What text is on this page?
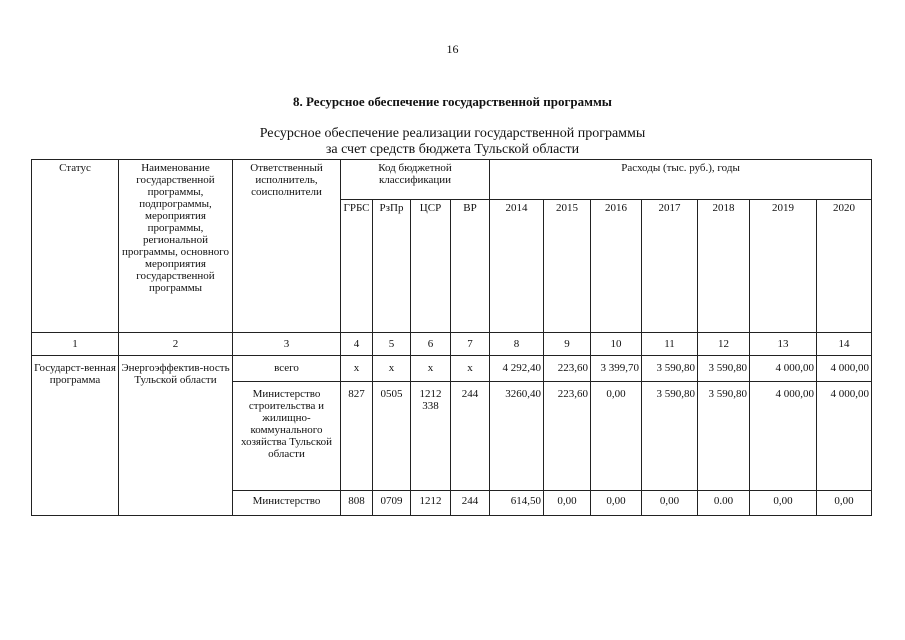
16
8. Ресурсное обеспечение государственной программы
Ресурсное обеспечение реализации государственной программы
за счет средств бюджета Тульской области
Статус	Наименование государственной программы, подпрограммы, мероприятия программы, региональной программы, основного мероприятия государственной программы	Ответственный исполнитель, соисполнители	Код бюджетной классификации				Расходы (тыс. руб.), годы						
			ГРБС	РзПр	ЦСР	ВР	2014	2015	2016	2017	2018	2019	2020
1	2	3	4	5	6	7	8	9	10	11	12	13	14
Государст-венная программа	Энергоэффектив-ность Тульской области	всего	х	х	х	х	4 292,40	223,60	3 399,70	3 590,80	3 590,80	4 000,00	4 000,00
		Министерство строительства и жилищно-коммунального хозяйства Тульской области	827	0505	1212 338	244	3260,40	223,60	0,00	3 590,80	3 590,80	4 000,00	4 000,00
		Министерство	808	0709	1212	244	614,50	0,00	0,00	0,00	0.00	0,00	0,00
